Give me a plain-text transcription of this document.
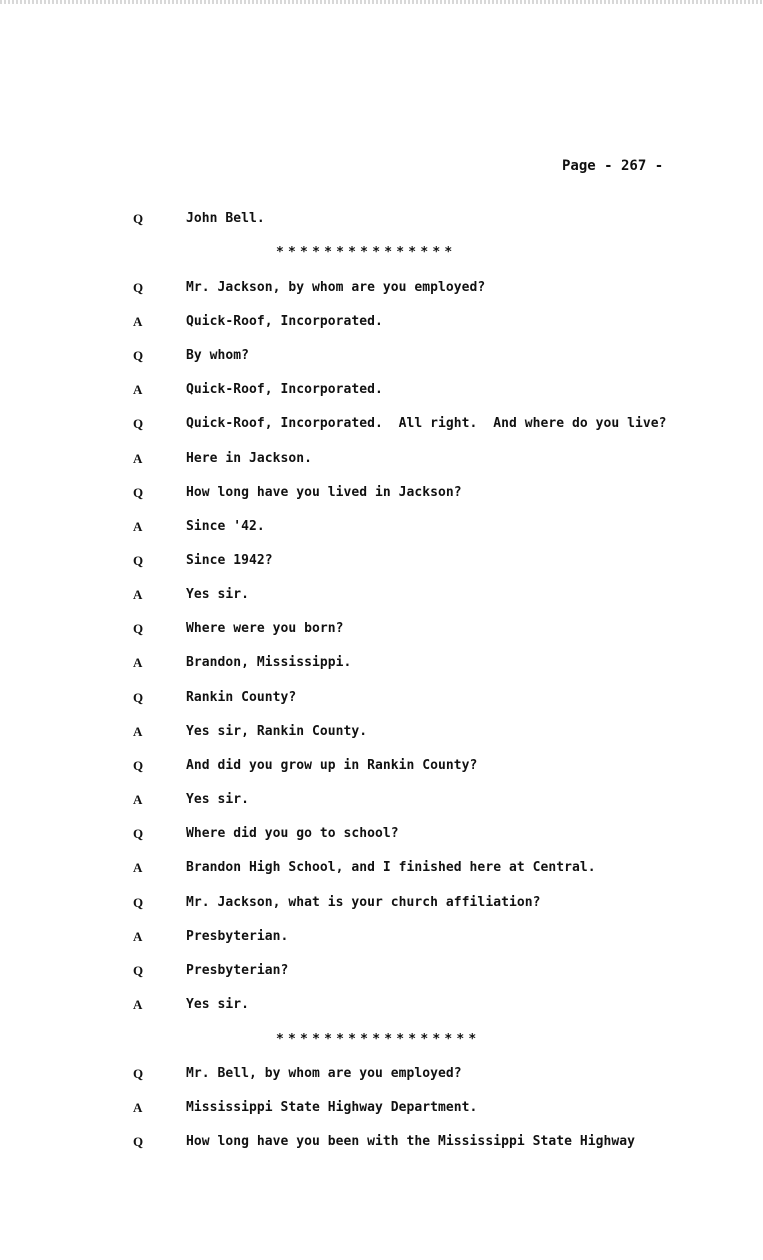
Page - 267 -
Q	John Bell.
***************
Q	Mr. Jackson, by whom are you employed?
A	Quick-Roof, Incorporated.
Q	By whom?
A	Quick-Roof, Incorporated.
Q	Quick-Roof, Incorporated.  All right.  And where do you live?
A	Here in Jackson.
Q	How long have you lived in Jackson?
A	Since '42.
Q	Since 1942?
A	Yes sir.
Q	Where were you born?
A	Brandon, Mississippi.
Q	Rankin County?
A	Yes sir, Rankin County.
Q	And did you grow up in Rankin County?
A	Yes sir.
Q	Where did you go to school?
A	Brandon High School, and I finished here at Central.
Q	Mr. Jackson, what is your church affiliation?
A	Presbyterian.
Q	Presbyterian?
A	Yes sir.
*****************
Q	Mr. Bell, by whom are you employed?
A	Mississippi State Highway Department.
Q	How long have you been with the Mississippi State Highway
